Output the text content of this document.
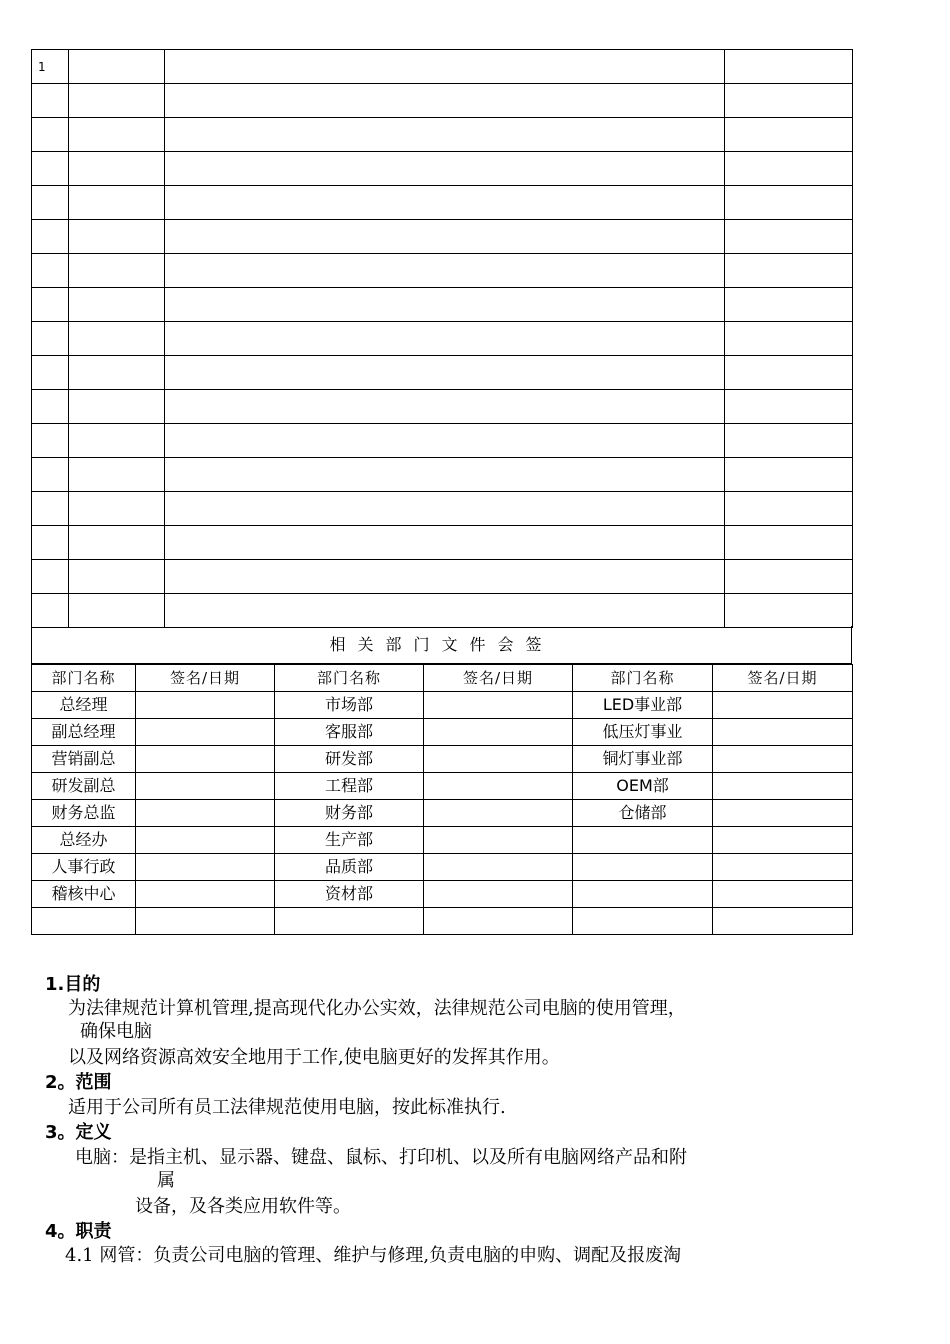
1			

相关部门文件会签
部门名称	签名/日期	部门名称	签名/日期	部门名称	签名/日期
总经理		市场部		LED事业部	
副总经理		客服部		低压灯事业	
营销副总		研发部		铜灯事业部	
研发副总		工程部		OEM部	
财务总监		财务部		仓储部	
总经办		生产部			
人事行政		品质部			
稽核中心		资材部			

1.目的
为法律规范计算机管理,提高现代化办公实效，法律规范公司电脑的使用管理，
确保电脑
以及网络资源高效安全地用于工作,使电脑更好的发挥其作用。
2。范围
适用于公司所有员工法律规范使用电脑，按此标准执行.
3。定义
电脑：是指主机、显示器、键盘、鼠标、打印机、以及所有电脑网络产品和附
属
设备，及各类应用软件等。
4。职责
4.1 网管：负责公司电脑的管理、维护与修理,负责电脑的申购、调配及报废淘
